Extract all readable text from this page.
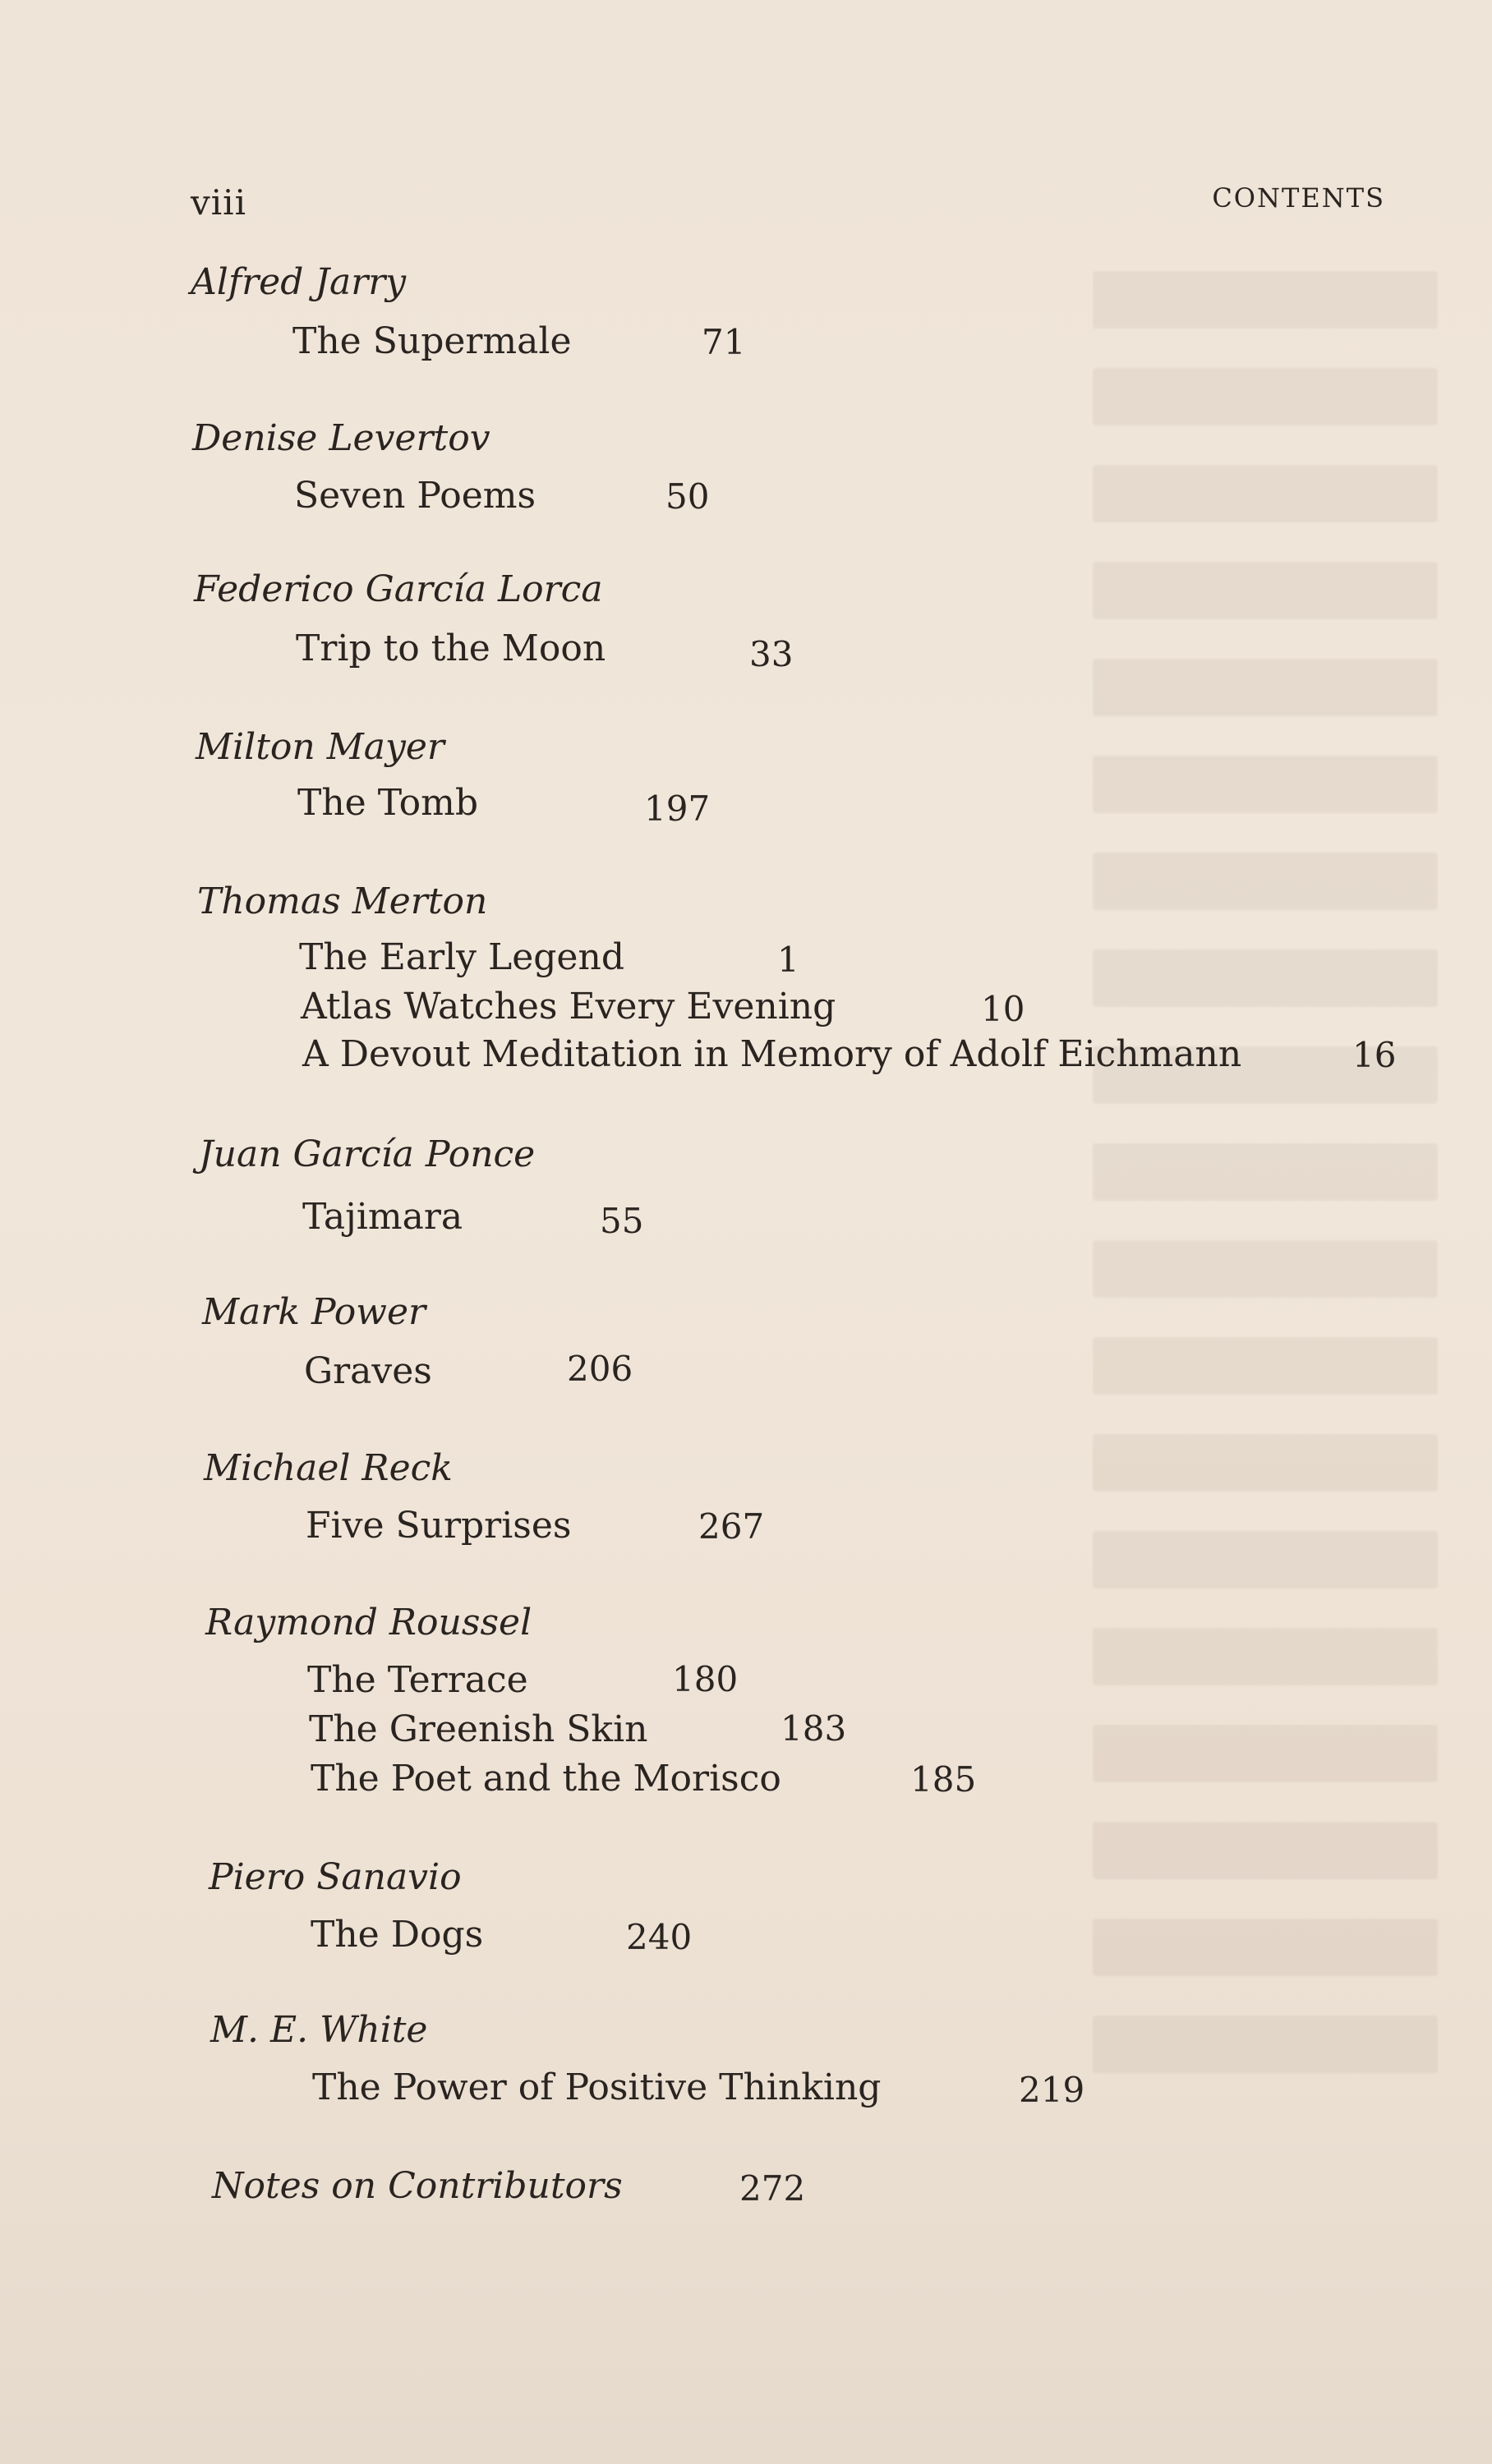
viii	CONTENTS
Alfred Jarry
The Supermale	71
Denise Levertov
Seven Poems	50
Federico García Lorca
Trip to the Moon	33
Milton Mayer
The Tomb	197
Thomas Merton
The Early Legend	1
Atlas Watches Every Evening	10
A Devout Meditation in Memory of Adolf Eichmann	16
Juan García Ponce
Tajimara	55
Mark Power
Graves	206
Michael Reck
Five Surprises	267
Raymond Roussel
The Terrace	180
The Greenish Skin	183
The Poet and the Morisco	185
Piero Sanavio
The Dogs	240
M. E. White
The Power of Positive Thinking	219
Notes on Contributors	272
